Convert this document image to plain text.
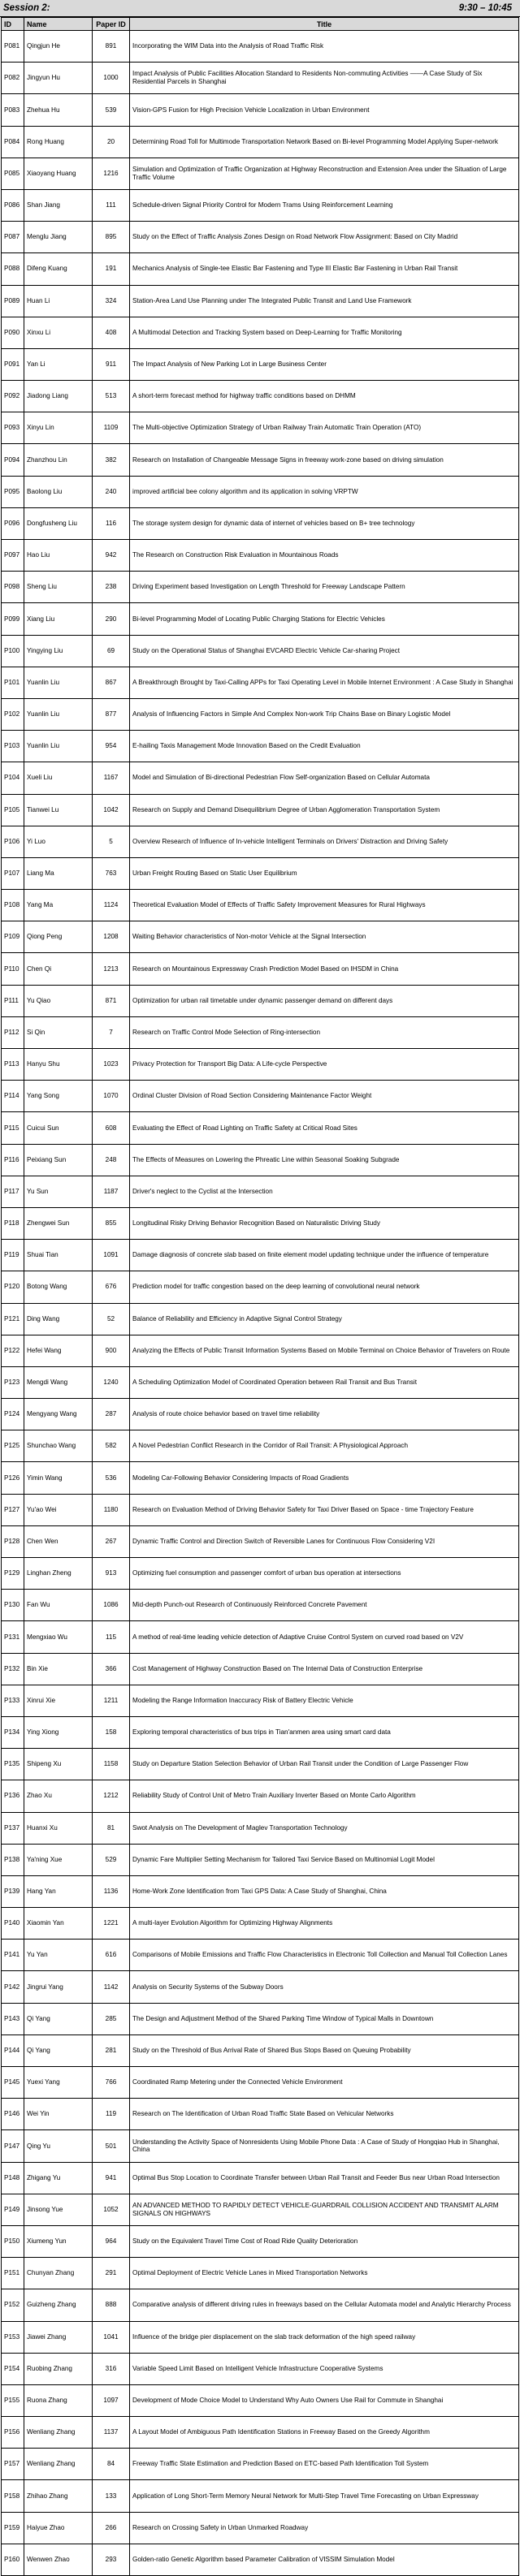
Session 2:	9:30 – 10:45
ID	Name	Paper ID	Title
P081	Qingjun He	891	Incorporating the WIM Data into the Analysis of Road Traffic Risk
P082	Jingyun Hu	1000	Impact Analysis of Public Facilities Allocation Standard to Residents Non-commuting Activities ——A Case Study of Six Residential Parcels in Shanghai
P083	Zhehua Hu	539	Vision-GPS Fusion for High Precision Vehicle Localization in Urban Environment
P084	Rong Huang	20	Determining Road Toll for Multimode Transportation Network Based on Bi-level Programming Model Applying Super-network
P085	Xiaoyang Huang	1216	Simulation and Optimization of Traffic Organization at Highway Reconstruction and Extension Area under the Situation of Large Traffic Volume
P086	Shan Jiang	111	Schedule-driven Signal Priority Control for Modern Trams Using Reinforcement Learning
P087	Menglu Jiang	895	Study on the Effect of Traffic Analysis Zones Design on Road Network Flow Assignment: Based on City Madrid
P088	Difeng Kuang	191	Mechanics Analysis of Single-tee Elastic Bar Fastening and Type III Elastic Bar Fastening in Urban Rail Transit
P089	Huan Li	324	Station-Area Land Use Planning under The Integrated Public Transit and Land Use Framework
P090	Xinxu Li	408	A Multimodal Detection and Tracking System based on Deep-Learning for Traffic Monitoring
P091	Yan Li	911	The Impact Analysis of New Parking Lot in Large Business Center
P092	Jiadong Liang	513	A short-term forecast method for highway traffic conditions based on DHMM
P093	Xinyu Lin	1109	The Multi-objective Optimization Strategy of Urban Railway Train Automatic Train Operation (ATO)
P094	Zhanzhou Lin	382	Research on Installation of Changeable Message Signs in freeway work-zone based on driving simulation
P095	Baolong Liu	240	improved artificial bee colony algorithm and its application in solving VRPTW
P096	Dongfusheng Liu	116	The storage system design for dynamic data of internet of vehicles based on B+ tree technology
P097	Hao Liu	942	The Research on Construction Risk Evaluation in Mountainous Roads
P098	Sheng Liu	238	Driving Experiment based Investigation on Length Threshold for Freeway Landscape Pattern
P099	Xiang Liu	290	Bi-level Programming Model of Locating Public Charging Stations for Electric Vehicles
P100	Yingying Liu	69	Study on the Operational Status of Shanghai EVCARD Electric Vehicle Car-sharing Project
P101	Yuanlin Liu	867	A Breakthrough Brought by Taxi-Calling APPs for Taxi Operating Level in Mobile Internet Environment : A Case Study in Shanghai
P102	Yuanlin Liu	877	Analysis of Influencing Factors in Simple And Complex Non-work Trip Chains Base on Binary Logistic Model
P103	Yuanlin Liu	954	E-hailing Taxis Management Mode Innovation Based on the Credit Evaluation
P104	Xueli Liu	1167	Model and Simulation of Bi-directional Pedestrian Flow Self-organization Based on Cellular Automata
P105	Tianwei Lu	1042	Research on Supply and Demand Disequilibrium Degree of Urban Agglomeration Transportation System
P106	Yi Luo	5	Overview Research of Influence of In-vehicle Intelligent Terminals on Drivers' Distraction and Driving Safety
P107	Liang Ma	763	Urban Freight Routing Based on Static User Equilibrium
P108	Yang Ma	1124	Theoretical Evaluation Model of Effects of Traffic Safety Improvement Measures for Rural Highways
P109	Qiong Peng	1208	Waiting Behavior characteristics of Non-motor Vehicle at the Signal Intersection
P110	Chen Qi	1213	Research on Mountainous Expressway Crash Prediction Model Based on IHSDM in China
P111	Yu Qiao	871	Optimization for urban rail timetable under dynamic passenger demand on different days
P112	Si Qin	7	Research on Traffic Control Mode Selection of Ring-intersection
P113	Hanyu Shu	1023	Privacy Protection for Transport Big Data: A Life-cycle Perspective
P114	Yang Song	1070	Ordinal Cluster Division of Road Section Considering Maintenance Factor Weight
P115	Cuicui Sun	608	Evaluating the Effect of Road Lighting on Traffic Safety at Critical Road Sites
P116	Peixiang Sun	248	The Effects of Measures on Lowering the Phreatic Line within Seasonal Soaking Subgrade
P117	Yu Sun	1187	Driver's neglect to the Cyclist at the Intersection
P118	Zhengwei Sun	855	Longitudinal Risky Driving Behavior Recognition Based on Naturalistic Driving Study
P119	Shuai Tian	1091	Damage diagnosis of concrete slab based on finite element model updating technique under the influence of temperature
P120	Botong Wang	676	Prediction model for traffic congestion based on the deep learning of convolutional neural network
P121	Ding Wang	52	Balance of Reliability and Efficiency in Adaptive Signal Control Strategy
P122	Hefei Wang	900	Analyzing the Effects of Public Transit Information Systems Based on Mobile Terminal on Choice Behavior of Travelers on Route
P123	Mengdi Wang	1240	A Scheduling Optimization Model of Coordinated Operation between Rail Transit and Bus Transit
P124	Mengyang Wang	287	Analysis of route choice behavior based on travel time reliability
P125	Shunchao Wang	582	A Novel Pedestrian Conflict Research in the Corridor of Rail Transit: A Physiological Approach
P126	Yimin Wang	536	Modeling Car-Following Behavior Considering Impacts of Road Gradients
P127	Yu'ao Wei	1180	Research on Evaluation Method of Driving Behavior Safety for Taxi Driver Based on Space - time Trajectory Feature
P128	Chen Wen	267	Dynamic Traffic Control and Direction Switch of Reversible Lanes for Continuous Flow Considering V2I
P129	Linghan Zheng	913	Optimizing fuel consumption and passenger comfort of urban bus operation at intersections
P130	Fan Wu	1086	Mid-depth Punch-out Research of Continuously Reinforced Concrete Pavement
P131	Mengxiao Wu	115	A method of real-time leading vehicle detection of Adaptive Cruise Control System on curved road based on V2V
P132	Bin Xie	366	Cost Management of Highway Construction Based on The Internal Data of Construction Enterprise
P133	Xinrui Xie	1211	Modeling the Range Information Inaccuracy Risk of Battery Electric Vehicle
P134	Ying Xiong	158	Exploring temporal characteristics of bus trips in Tian'anmen area using smart card data
P135	Shipeng Xu	1158	Study on Departure Station Selection Behavior of Urban Rail Transit under the Condition of Large Passenger Flow
P136	Zhao Xu	1212	Reliability Study of Control Unit of Metro Train Auxiliary Inverter Based on Monte Carlo Algorithm
P137	Huanxi Xu	81	Swot Analysis on The Development of Maglev Transportation Technology
P138	Ya'ning Xue	529	Dynamic Fare Multiplier Setting Mechanism for Tailored Taxi Service Based on Multinomial Logit Model
P139	Hang Yan	1136	Home-Work Zone Identification from Taxi GPS Data: A Case Study of Shanghai, China
P140	Xiaomin Yan	1221	A multi-layer Evolution Algorithm for Optimizing Highway Alignments
P141	Yu Yan	616	Comparisons of Mobile Emissions and Traffic Flow Characteristics in Electronic Toll Collection and Manual Toll Collection Lanes
P142	Jingrui Yang	1142	Analysis on Security Systems of the Subway Doors
P143	Qi Yang	285	The Design and Adjustment Method of the Shared Parking Time Window of Typical Malls in Downtown
P144	Qi Yang	281	Study on the Threshold of Bus Arrival Rate of Shared Bus Stops Based on Queuing Probability
P145	Yuexi Yang	766	Coordinated Ramp Metering under the Connected Vehicle Environment
P146	Wei Yin	119	Research on The Identification of Urban Road Traffic State Based on Vehicular Networks
P147	Qing Yu	501	Understanding the Activity Space of Nonresidents Using Mobile Phone Data : A Case of Study of Hongqiao Hub in Shanghai, China
P148	Zhigang Yu	941	Optimal Bus Stop Location to Coordinate Transfer between Urban Rail Transit and Feeder Bus near Urban Road Intersection
P149	Jinsong Yue	1052	AN ADVANCED METHOD TO RAPIDLY DETECT VEHICLE-GUARDRAIL COLLISION ACCIDENT AND TRANSMIT ALARM SIGNALS ON HIGHWAYS
P150	Xiumeng Yun	964	Study on the Equivalent Travel Time Cost of Road Ride Quality Deterioration
P151	Chunyan Zhang	291	Optimal Deployment of Electric Vehicle Lanes in Mixed Transportation Networks
P152	Guizheng Zhang	888	Comparative analysis of different driving rules in freeways based on the Cellular Automata model and Analytic Hierarchy Process
P153	Jiawei Zhang	1041	Influence of the bridge pier displacement on the slab track deformation of the high speed railway
P154	Ruobing Zhang	316	Variable Speed Limit Based on Intelligent Vehicle Infrastructure Cooperative Systems
P155	Ruona Zhang	1097	Development of Mode Choice Model to Understand Why Auto Owners Use Rail for Commute in Shanghai
P156	Wenliang Zhang	1137	A Layout Model of Ambiguous Path Identification Stations in Freeway Based on the Greedy Algorithm
P157	Wenliang Zhang	84	Freeway Traffic State Estimation and Prediction Based on ETC-based Path Identification Toll System
P158	Zhihao Zhang	133	Application of Long Short-Term Memory Neural Network for Multi-Step Travel Time Forecasting on Urban Expressway
P159	Haiyue Zhao	266	Research on Crossing Safety in Urban Unmarked Roadway
P160	Wenwen Zhao	293	Golden-ratio Genetic Algorithm based Parameter Calibration of VISSIM Simulation Model
